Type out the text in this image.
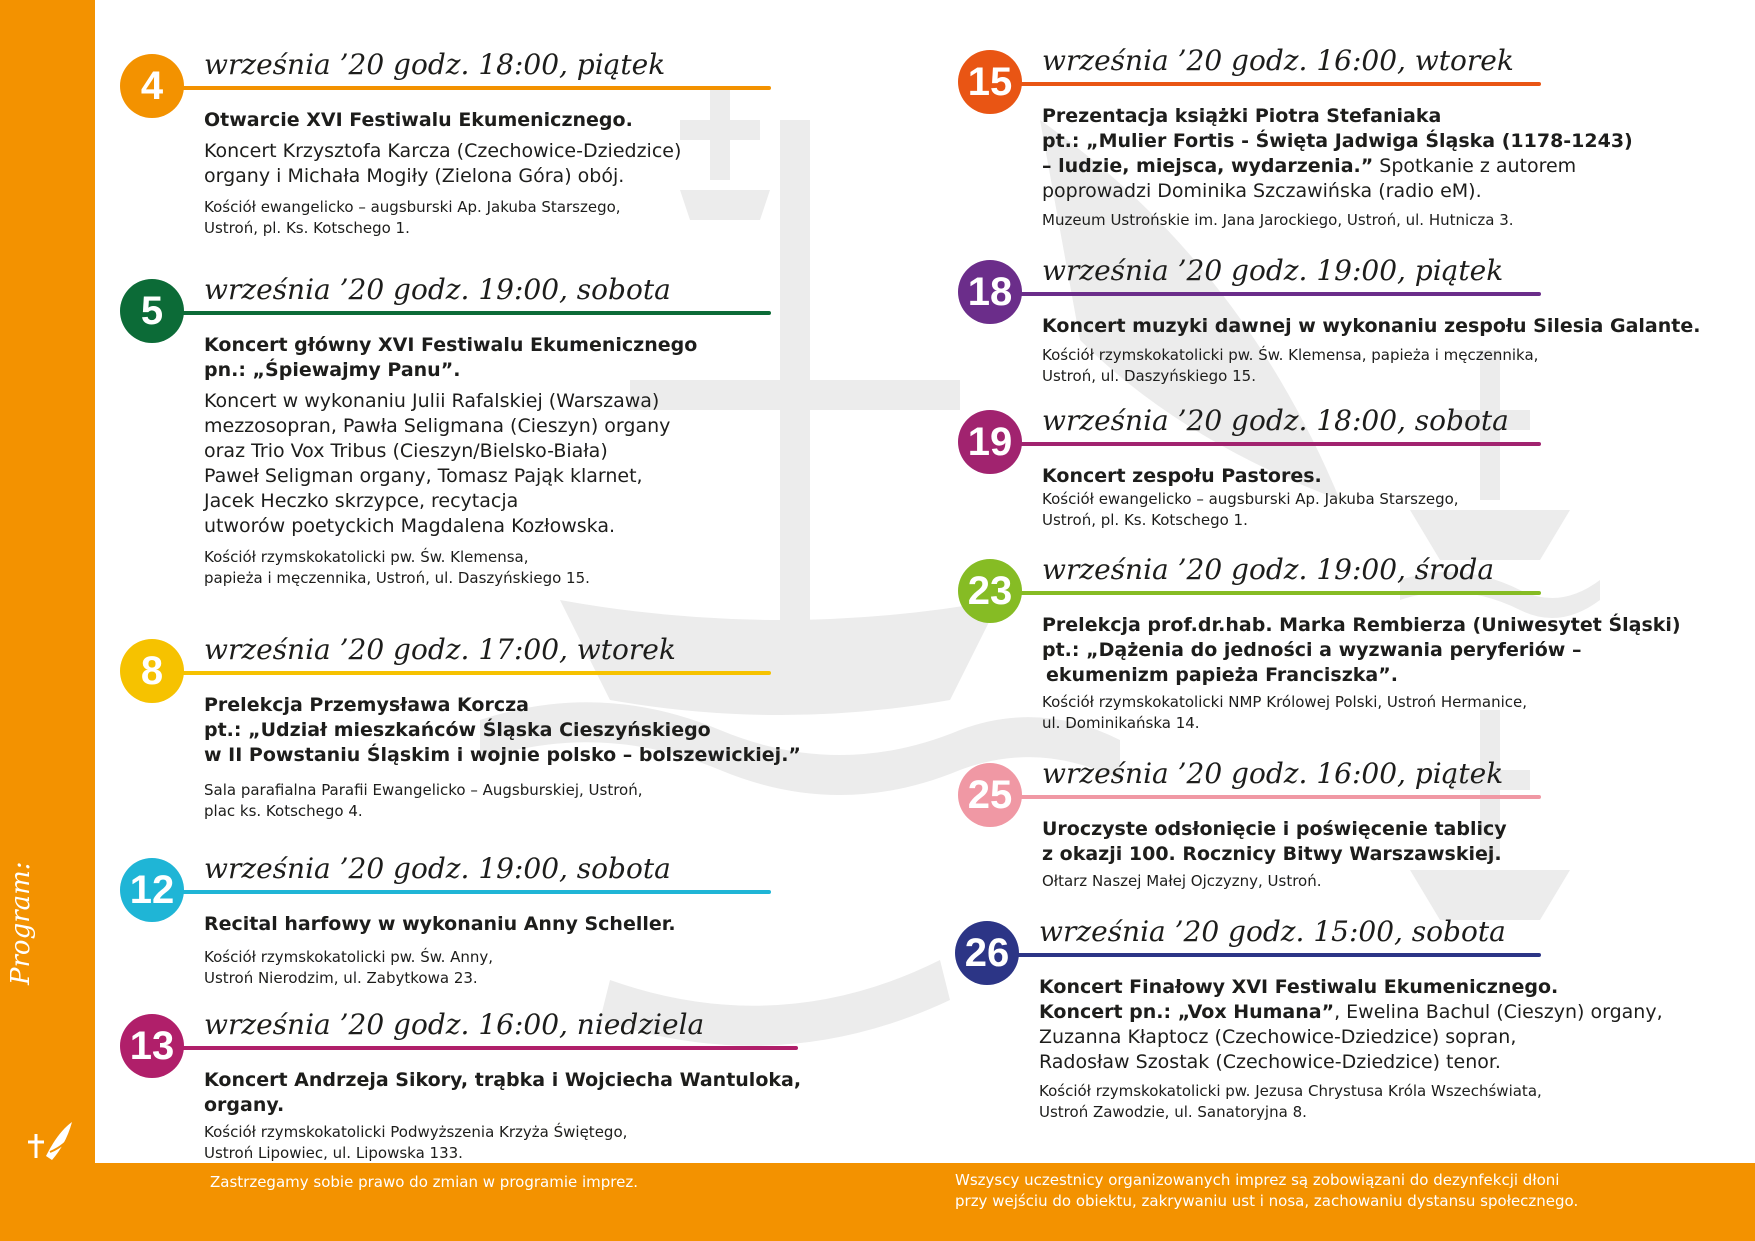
Program:
Zastrzegamy sobie prawo do zmian w programie imprez.	Wszyscy uczestnicy organizowanych imprez są zobowiązani do dezynfekcji dłoni
przy wejściu do obiektu, zakrywaniu ust i nosa, zachowaniu dystansu społecznego.
4	września ’20 godz. 18:00, piątek
Otwarcie XVI Festiwalu Ekumenicznego.
Koncert Krzysztofa Karcza (Czechowice-Dziedzice)
organy i Michała Mogiły (Zielona Góra) obój.
Kościół ewangelicko – augsburski Ap. Jakuba Starszego,
Ustroń, pl. Ks. Kotschego 1.
5	września ’20 godz. 19:00, sobota
Koncert główny XVI Festiwalu Ekumenicznego
pn.: „Śpiewajmy Panu”.
Koncert w wykonaniu Julii Rafalskiej (Warszawa)
mezzosopran, Pawła Seligmana (Cieszyn) organy
oraz Trio Vox Tribus (Cieszyn/Bielsko-Biała)
Paweł Seligman organy, Tomasz Pająk klarnet,
Jacek Heczko skrzypce, recytacja
utworów poetyckich Magdalena Kozłowska.
Kościół rzymskokatolicki pw. Św. Klemensa,
papieża i męczennika, Ustroń, ul. Daszyńskiego 15.
8	września ’20 godz. 17:00, wtorek
Prelekcja Przemysława Korcza
pt.: „Udział mieszkańców Śląska Cieszyńskiego
w II Powstaniu Śląskim i wojnie polsko – bolszewickiej.”
Sala parafialna Parafii Ewangelicko – Augsburskiej, Ustroń,
plac ks. Kotschego 4.
12	września ’20 godz. 19:00, sobota
Recital harfowy w wykonaniu Anny Scheller.
Kościół rzymskokatolicki pw. Św. Anny,
Ustroń Nierodzim, ul. Zabytkowa 23.
13	września ’20 godz. 16:00, niedziela
Koncert Andrzeja Sikory, trąbka i Wojciecha Wantuloka, organy.
Kościół rzymskokatolicki Podwyższenia Krzyża Świętego,
Ustroń Lipowiec, ul. Lipowska 133.
15	września ’20 godz. 16:00, wtorek
Prezentacja książki Piotra Stefaniaka
pt.: „Mulier Fortis - Święta Jadwiga Śląska (1178-1243)
– ludzie, miejsca, wydarzenia.” Spotkanie z autorem
poprowadzi Dominika Szczawińska (radio eM).
Muzeum Ustrońskie im. Jana Jarockiego, Ustroń, ul. Hutnicza 3.
18	września ’20 godz. 19:00, piątek
Koncert muzyki dawnej w wykonaniu zespołu Silesia Galante.
Kościół rzymskokatolicki pw. Św. Klemensa, papieża i męczennika,
Ustroń, ul. Daszyńskiego 15.
19	września ’20 godz. 18:00, sobota
Koncert zespołu Pastores.
Kościół ewangelicko – augsburski Ap. Jakuba Starszego,
Ustroń, pl. Ks. Kotschego 1.
23	września ’20 godz. 19:00, środa
Prelekcja prof.dr.hab. Marka Rembierza (Uniwesytet Śląski)
pt.: „Dążenia do jedności a wyzwania peryferiów –
ekumenizm papieża Franciszka”.
Kościół rzymskokatolicki NMP Królowej Polski, Ustroń Hermanice,
ul. Dominikańska 14.
25	września ’20 godz. 16:00, piątek
Uroczyste odsłonięcie i poświęcenie tablicy
z okazji 100. Rocznicy Bitwy Warszawskiej.
Ołtarz Naszej Małej Ojczyzny, Ustroń.
26	września ’20 godz. 15:00, sobota
Koncert Finałowy XVI Festiwalu Ekumenicznego.
Koncert pn.: „Vox Humana”, Ewelina Bachul (Cieszyn) organy,
Zuzanna Kłaptocz (Czechowice-Dziedzice) sopran,
Radosław Szostak (Czechowice-Dziedzice) tenor.
Kościół rzymskokatolicki pw. Jezusa Chrystusa Króla Wszechświata,
Ustroń Zawodzie, ul. Sanatoryjna 8.
